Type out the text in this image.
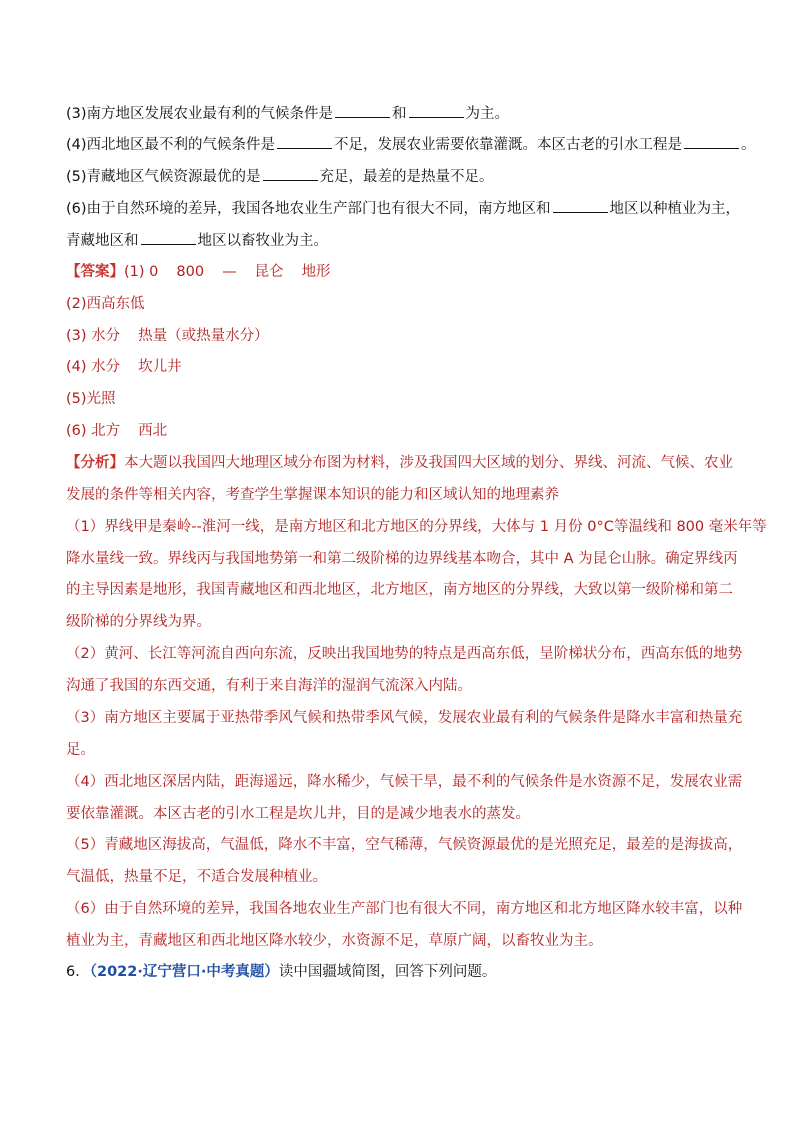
(3)南方地区发展农业最有利的气候条件是	和	为主。
(4)西北地区最不利的气候条件是	不足，发展农业需要依靠灌溉。本区古老的引水工程是	。
(5)青藏地区气候资源最优的是	充足，最差的是热量不足。
(6)由于自然环境的差异，我国各地农业生产部门也有很大不同，南方地区和	地区以种植业为主，
青藏地区和	地区以畜牧业为主。
【答案】(1) 0 800 — 昆仑 地形
(2)西高东低
(3) 水分 热量（或热量水分）
(4) 水分 坎儿井
(5)光照
(6) 北方 西北
【分析】本大题以我国四大地理区域分布图为材料，涉及我国四大区域的划分、界线、河流、气候、农业
发展的条件等相关内容，考查学生掌握课本知识的能力和区域认知的地理素养
（1）界线甲是秦岭--淮河一线，是南方地区和北方地区的分界线，大体与 1 月份 0°C等温线和 800 毫米年等
降水量线一致。界线丙与我国地势第一和第二级阶梯的边界线基本吻合，其中 A 为昆仑山脉。确定界线丙
的主导因素是地形，我国青藏地区和西北地区，北方地区，南方地区的分界线，大致以第一级阶梯和第二
级阶梯的分界线为界。
（2）黄河、长江等河流自西向东流，反映出我国地势的特点是西高东低，呈阶梯状分布，西高东低的地势
沟通了我国的东西交通，有利于来自海洋的湿润气流深入内陆。
（3）南方地区主要属于亚热带季风气候和热带季风气候，发展农业最有利的气候条件是降水丰富和热量充
足。
（4）西北地区深居内陆，距海遥远，降水稀少，气候干旱，最不利的气候条件是水资源不足，发展农业需
要依靠灌溉。本区古老的引水工程是坎儿井，目的是减少地表水的蒸发。
（5）青藏地区海拔高，气温低，降水不丰富，空气稀薄，气候资源最优的是光照充足，最差的是海拔高，
气温低，热量不足，不适合发展种植业。
（6）由于自然环境的差异，我国各地农业生产部门也有很大不同，南方地区和北方地区降水较丰富，以种
植业为主，青藏地区和西北地区降水较少，水资源不足，草原广阔，以畜牧业为主。
6．（2022·辽宁营口·中考真题）读中国疆域简图，回答下列问题。
